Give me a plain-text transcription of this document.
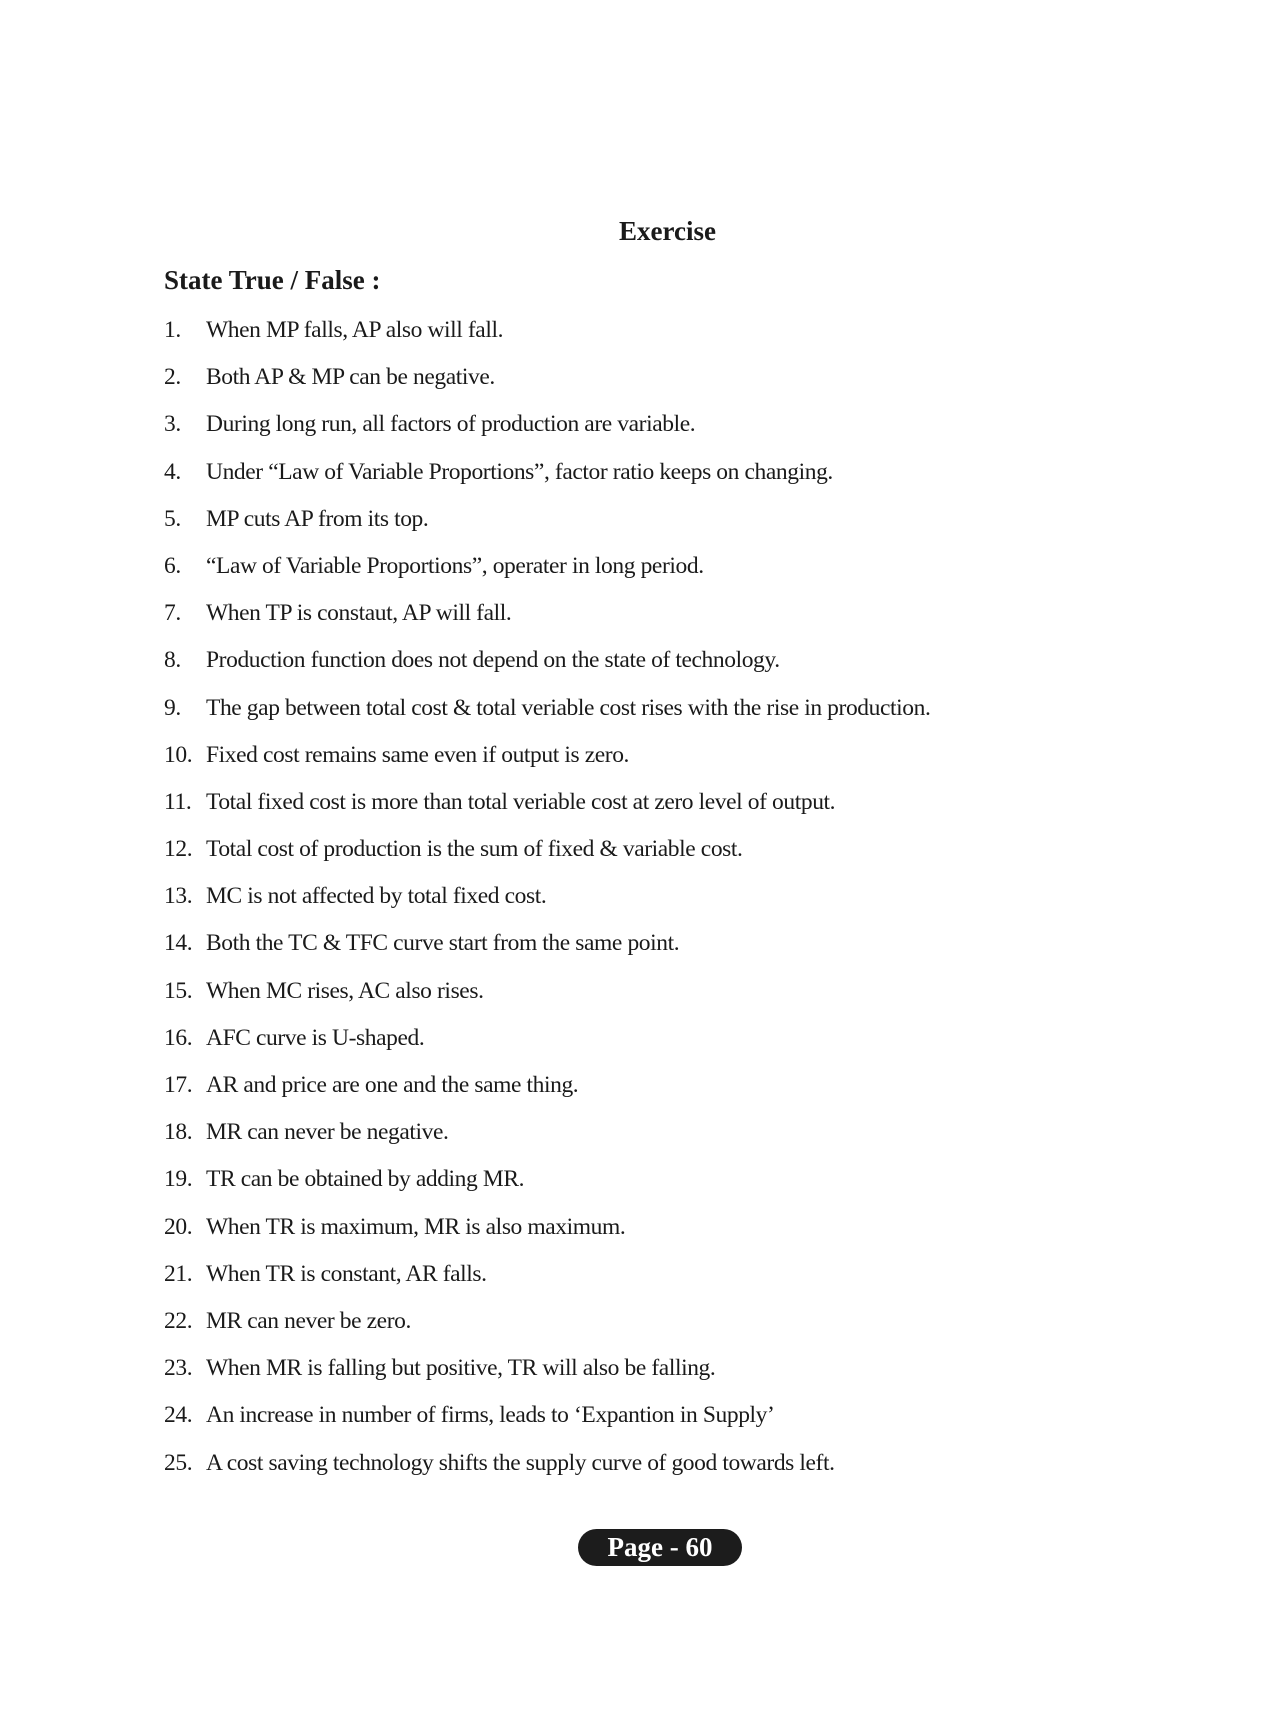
Exercise
State True / False :
1. When MP falls, AP also will fall.
2. Both AP & MP can be negative.
3. During long run, all factors of production are variable.
4. Under “Law of Variable Proportions”, factor ratio keeps on changing.
5. MP cuts AP from its top.
6. “Law of Variable Proportions”, operater in long period.
7. When TP is constaut, AP will fall.
8. Production function does not depend on the state of technology.
9. The gap between total cost & total veriable cost rises with the rise in production.
10. Fixed cost remains same even if output is zero.
11. Total fixed cost is more than total veriable cost at zero level of output.
12. Total cost of production is the sum of fixed & variable cost.
13. MC is not affected by total fixed cost.
14. Both the TC & TFC curve start from the same point.
15. When MC rises, AC also rises.
16. AFC curve is U-shaped.
17. AR and price are one and the same thing.
18. MR can never be negative.
19. TR can be obtained by adding MR.
20. When TR is maximum, MR is also maximum.
21. When TR is constant, AR falls.
22. MR can never be zero.
23. When MR is falling but positive, TR will also be falling.
24. An increase in number of firms, leads to ‘Expantion in Supply’
25. A cost saving technology shifts the supply curve of good towards left.
Page - 60
